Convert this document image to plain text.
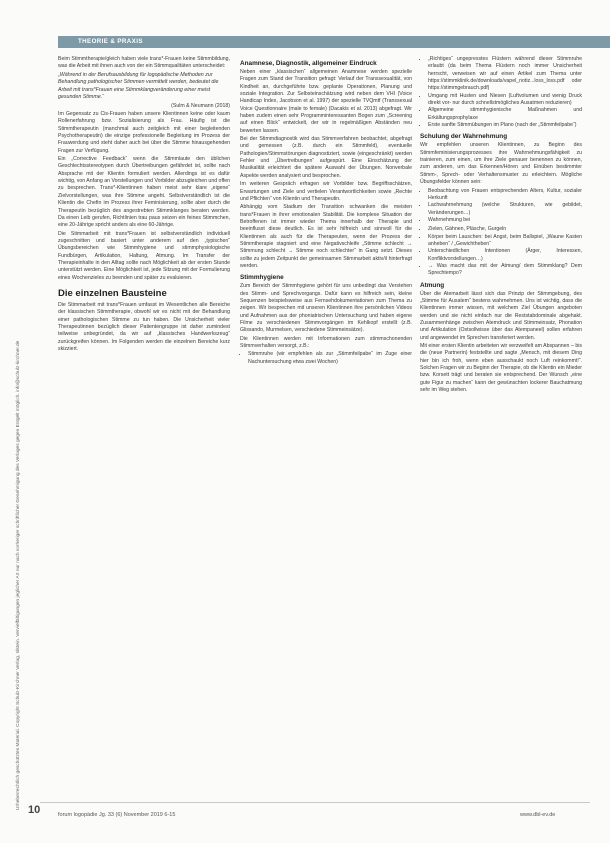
THEORIE & PRAXIS
Urheberrechtlich geschütztes Material. Copyright Schulz-Kirchner Verlag, Idstein. Vervielfältigungen jeglicher Art nur nach vorheriger schriftlicher Genehmigung des Verlages gegen Entgelt möglich. info@schulz-kirchner.de

Beim Stimmtherapie/gleich haben viele trans*-Frauen keine Stimmbildung, was die Arbeit mit ihnen auch von der ein Stimmqualitäten unterscheidet:

„Während in der Berufsausbildung für logopädische Methoden zur Behandlung pathologischer Stimmen vermittelt werden, bedeutet die Arbeit mit trans*Frauen eine Stimmklangveränderung einer meist gesunden Stimme.“

(Sulm & Neumann (2018)

Im Gegensatz zu Cis-Frauen haben unsere Klientinnen keine oder kaum Rollenerfahrung bzw. Sozialisierung als Frau. Häufig ist die Stimmtherapeutin (manchmal auch zeitgleich mit einer begleitenden Psychotherapeutin) die einzige professionelle Begleitung im Prozess der Frauwerdung und steht daher auch bei über die Stimme hinausgehenden Fragen zur Verfügung.

Ein „Corrective Feedback“ wenn die Stimmlaute den üblichen Geschlechtsstereotypen durch Übertreibungen gefährdet ist, sollte nach Absprache mit der Klientin formuliert werden. Allerdings ist es dafür wichtig, von Anfang an Vorstellungen und Vorbilder abzugleichen und offen zu besprechen. Trans*-Klientinnen haben meist sehr klare „eigene“ Zielvorstellungen, was ihre Stimme angeht. Selbstverständlich ist die Klientin die Chefin im Prozess ihrer Feminisierung, sollte aber durch die Therapeutin bezüglich des angestrebten Stimmklanges beraten werden. Da einen Leib gerufen, Richtlinien trau paus seizen ein feines Stimmchen, eine 20-Jährige spricht anders als eine 60-Jährige.

Die Stimmarbeit mit trans*Frauen ist selbstverständlich individuell zugeschnitten und basiert unter anderem auf den „typischen“ Übungsbereichen wie Stimmhygiene und stimmphysiologische Fundbürgen, Artikulation, Haltung, Atmung. Im Transfer der Therapieinhalte in den Alltag sollte nach Möglichkeit ab der ersten Stunde unterstützt werden. Eine Möglichkeit ist, jede Sitzung mit der Formulierung eines Wochenzieles zu beenden und später zu evaluieren.

Die einzelnen Bausteine

Die Stimmarbeit mit trans*Frauen umfasst im Wesentlichen alle Bereiche der klassischen Stimmtherapie, obwohl wir es nicht mit der Behandlung einer pathologischen Stimme zu tun haben. Die Unsicherheit vieler Therapeutinnen bezüglich dieser Patientengruppe ist daher zumindest teilweise unbegründet, da wir auf „klassisches Handwerkszeug“ zurückgreifen können. Im Folgenden werden die einzelnen Bereiche kurz skizziert.

Anamnese, Diagnostik, allgemeiner Eindruck

Neben einer „klassischen“ allgemeinen Anamnese werden spezielle Fragen zum Stand der Transition gefragt: Verlauf der Transsexualität, von Kindheit an, durchgeführte bzw. geplante Operationen, Planung und soziale Integration. Zur Selbsteinschätzung wird neben dem VHI (Voice Handicap Index, Jacobson et al. 1997) der spezielle TVQmtf (Transsexual Voice Questionnaire (male to female) (Dacakis et al. 2013) abgefragt. Wir haben zudem einen sehr Programminteressanten Bogen zum „Screening auf einen Blick“ entwickelt, der wir in regelmäßigen Abständen neu bewerten lassen.

Bei der Stimmdiagnostik wird das Stimmverfahren beobachtet, abgefragt und gemessen (z.B. durch ein Stimmfeld), eventuelle Pathologien/Stimmstörungen diagnostiziert, sowie (eingeschränkt) werden Fehler und „Übertreibungen“ aufgespürt. Eine Einschätzung der Musikalität erleichtert die spätere Auswahl der Übungen. Nonverbale Aspekte werden analysiert und besprochen.

Im weiteren Gespräch erfragen wir Vorbilder bzw. Begriffsschätzen, Erwartungen und Ziele und vertielen Verantwortlichkeiten sowie „Rechte und Pflichten“ von Klientin und Therapeutin.

Abhängig vom Stadium der Transition schwanken die meisten trans*Frauen in ihrer emotionalen Stabilität. Die komplexe Situation der Betroffenen ist immer wieder Thema innerhalb der Therapie und beeinflusst diese deutlich. Es ist sehr hilfreich und sinnvoll für die Klientinnen als auch für die Therapeuten, wenn der Prozess der Stimmtherapie stagniert und eine Negativschleife „Stimme schlecht → Stimmung schlecht → Stimme noch schlechter“ in Gang setzt. Dieses sollte zu jedem Zeitpunkt der gemeinsamen Stimmarbeit aktiv/il hinterfragt werden.

Stimmhygiene

Zum Bereich der Stimmhygiene gehört für uns unbedingt das Verstehen des Stimm- und Sprechvorgangs. Dafür kann es hilfreich sein, kleine Sequenzen beispielsweise aus Fernsehdokumentationen zum Thema zu zeigen. Wir besprechen mit unseren Klientinnen ihre persönlichen Videos und Aufnahmen aus der phoniatrischen Untersuchung und haben eigene Filme zu verschiedenen Stimmvorgängen im Kehlkopf erstellt (z.B. Glissando, Murmelsen, verschiedene Stimmeinsätze).

Die Klientinnen werden mit Informationen zum stimmschonenden Stimmverhalten versorgt, z.B.:

• Stimmruhe (wir empfehlen als zur „Stimmfeilpabe“ im Zuge einer Nachuntersuchung etwa zwei Wochen)
• „Richtiges“ ungepresstes Flüstern während dieser Stimmruhe erlaubt (da beim Thema Flüstern noch immer Unsicherheit herrscht, verweisen wir auf einen Artikel zum Thema unter https://stimmklinik.de/downloads/vapel_notiz...loss_loss.pdf oder https://stimmgebrauch.pdf)
• Umgang mit Husten und Niesen (Luftvolumen und wenig Druck direkt vor- nur durch schnellstmögliches Ausatmen reduzieren)
• Allgemeine stimmhygienische Maßnahmen und Erkältungsprophylaxe
• Erste sanfte Stimmübungen im Plano (nach der „Stimmfeilpabe“)
Schulung der Wahrnehmung

Wir empfehlen unseren Klientinnen, zu Beginn des Stimmfeminisierungsprozesses ihre Wahrnehmungsfähigkeit zu trainieren, zum einen, um ihre Ziele genauer benennen zu können, zum anderen, um das Erkennen/Hören und Einüben bestimmter Stimm-, Sprech- oder Verhaltensmuster zu erleichtern. Mögliche Übungsfelder können sein:

• Beobachtung von Frauen entsprechenden Alters, Kultur, sozialer Herkunft
• Lachwahrnehmung (welche Strukturen, wie gebildet, Veränderungen…)
• Wahrnehmung bei
• Zielen, Gähnen, Pläsche, Gurgeln
• Körper beim Lauschen: bei Angst, beim Ballspiel, „Waune Kasten anheben“ / „Gewichtheben“
• Unterschiedlichen Intentionen (Ärger, Interessen, Konfliktvorstellungen…)
• → Was macht das mit der Atmung/ dem Stimmklang? Dem Sprechtempo?
Atmung

Über die Atemarbeit lässt sich das Prinzip der Stimmgebung, des „Stimme für Ausatem“ bestens wahrnehmen. Uns ist wichtig, dass die Klientinnen immer wissen, mit welchem Ziel Übungen angeboten werden und sie nicht einfach nur die Reststabdominale abgehakt. Zusammenhänge zwischen Atemdruck und Stimmeinsatz, Phonation und Artikulation (Ostsollwisse über das Atempaneel) sollen erfahren und angewendet im Sprechen transferiert werden.

Mit einer ersten Klientin arbeiteten wir verzweifelt am Abspannen – bis die (neue Partnerin) feststellte und sagte „Mensch, mit diesem Ding hier bin ich froh, wenn eben ausschaukt noch Luft reinkommt!“. Solchen Fragen wir zu Beginn der Therapie, ob die Klientin ein Mieder bzw. Korsett trägt und beraten sie entsprechend. Der Wunsch „eine gute Figur zu machen“ kann der gewünschten lockerer Bauchatmung sehr im Weg stehen.

10	forum logopädie Jg. 33 (6) November 2019 6-15	www.dbl-ev.de
